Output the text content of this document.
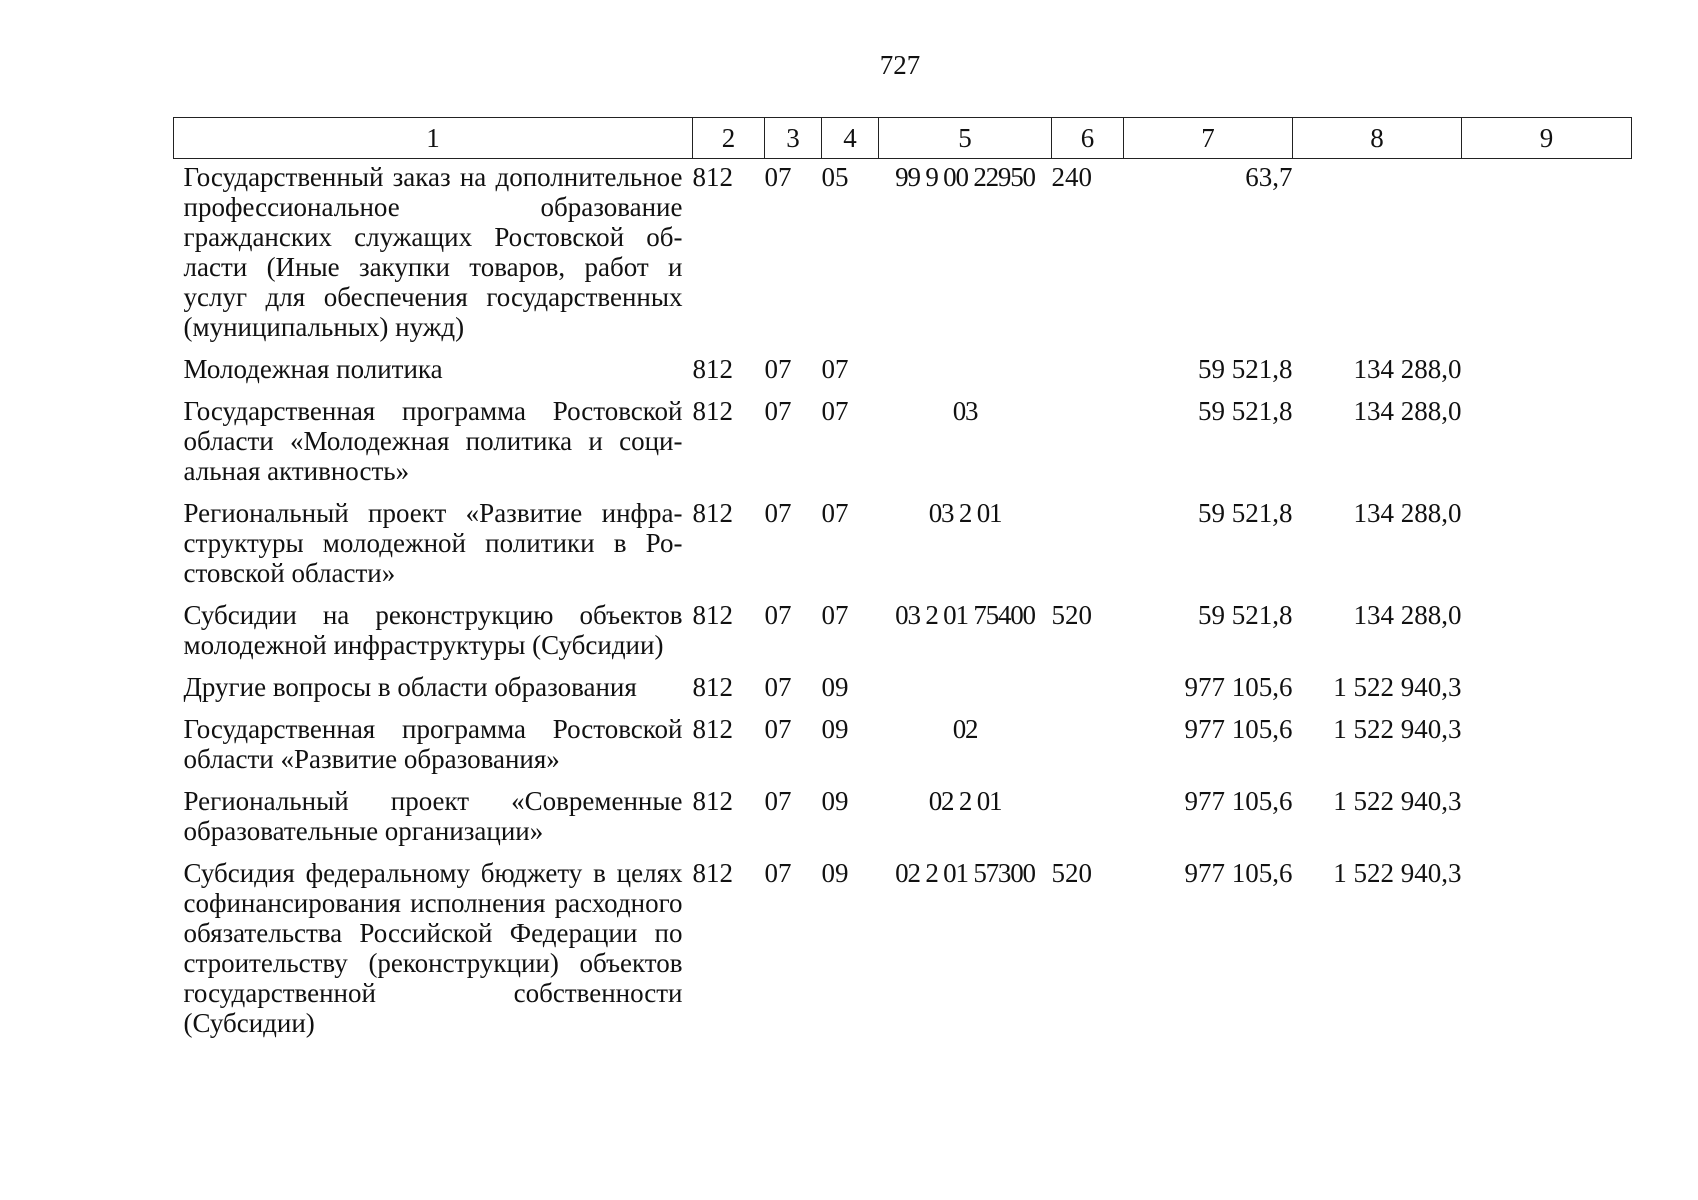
727
1	2	3	4	5	6	7	8	9
Государственный заказ на дополнительное профессиональное образование гражданских служащих Ростовской области (Иные закупки товаров, работ и услуг для обеспечения государственных (муниципальных) нужд)	812	07	05	99 9 00 22950	240	63,7		
Молодежная политика	812	07	07			59 521,8	134 288,0	
Государственная программа Ростовской области «Молодежная политика и социальная активность»	812	07	07	03		59 521,8	134 288,0	
Региональный проект «Развитие инфраструктуры молодежной политики в Ростовской области»	812	07	07	03 2 01		59 521,8	134 288,0	
Субсидии на реконструкцию объектов молодежной инфраструктуры (Субсидии)	812	07	07	03 2 01 75400	520	59 521,8	134 288,0	
Другие вопросы в области образования	812	07	09			977 105,6	1 522 940,3	
Государственная программа Ростовской области «Развитие образования»	812	07	09	02		977 105,6	1 522 940,3	
Региональный проект «Современные образовательные организации»	812	07	09	02 2 01		977 105,6	1 522 940,3	
Субсидия федеральному бюджету в целях софинансирования исполнения расходного обязательства Российской Федерации по строительству (реконструкции) объектов государственной собственности (Субсидии)	812	07	09	02 2 01 57300	520	977 105,6	1 522 940,3	
